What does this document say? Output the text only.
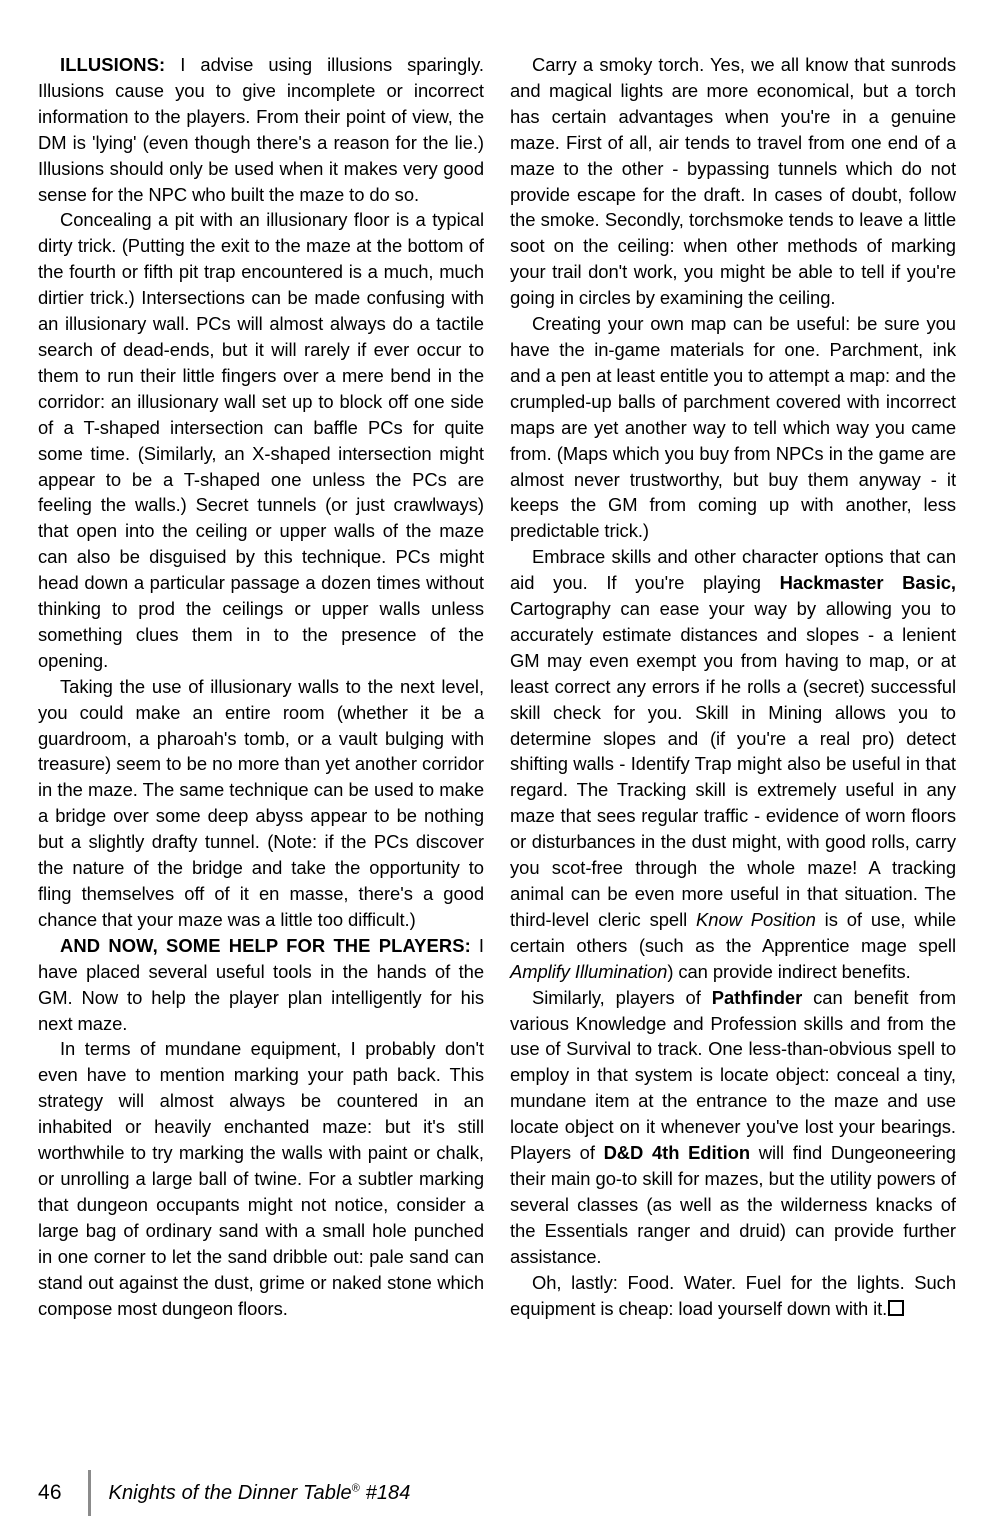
ILLUSIONS: I advise using illusions sparingly. Illusions cause you to give incomplete or incorrect information to the players. From their point of view, the DM is 'lying' (even though there's a reason for the lie.) Illusions should only be used when it makes very good sense for the NPC who built the maze to do so.

Concealing a pit with an illusionary floor is a typical dirty trick. (Putting the exit to the maze at the bottom of the fourth or fifth pit trap encountered is a much, much dirtier trick.) Intersections can be made confusing with an illusionary wall. PCs will almost always do a tactile search of dead-ends, but it will rarely if ever occur to them to run their little fingers over a mere bend in the corridor: an illusionary wall set up to block off one side of a T-shaped intersection can baffle PCs for quite some time. (Similarly, an X-shaped intersection might appear to be a T-shaped one unless the PCs are feeling the walls.) Secret tunnels (or just crawlways) that open into the ceiling or upper walls of the maze can also be disguised by this technique. PCs might head down a particular passage a dozen times without thinking to prod the ceilings or upper walls unless something clues them in to the presence of the opening.

Taking the use of illusionary walls to the next level, you could make an entire room (whether it be a guardroom, a pharoah's tomb, or a vault bulging with treasure) seem to be no more than yet another corridor in the maze. The same technique can be used to make a bridge over some deep abyss appear to be nothing but a slightly drafty tunnel. (Note: if the PCs discover the nature of the bridge and take the opportunity to fling themselves off of it en masse, there's a good chance that your maze was a little too difficult.)

AND NOW, SOME HELP FOR THE PLAYERS: I have placed several useful tools in the hands of the GM. Now to help the player plan intelligently for his next maze.

In terms of mundane equipment, I probably don't even have to mention marking your path back. This strategy will almost always be countered in an inhabited or heavily enchanted maze: but it's still worthwhile to try marking the walls with paint or chalk, or unrolling a large ball of twine. For a subtler marking that dungeon occupants might not notice, consider a large bag of ordinary sand with a small hole punched in one corner to let the sand dribble out: pale sand can stand out against the dust, grime or naked stone which compose most dungeon floors.

Carry a smoky torch. Yes, we all know that sunrods and magical lights are more economical, but a torch has certain advantages when you're in a genuine maze. First of all, air tends to travel from one end of a maze to the other - bypassing tunnels which do not provide escape for the draft. In cases of doubt, follow the smoke. Secondly, torchsmoke tends to leave a little soot on the ceiling: when other methods of marking your trail don't work, you might be able to tell if you're going in circles by examining the ceiling.

Creating your own map can be useful: be sure you have the in-game materials for one. Parchment, ink and a pen at least entitle you to attempt a map: and the crumpled-up balls of parchment covered with incorrect maps are yet another way to tell which way you came from. (Maps which you buy from NPCs in the game are almost never trustworthy, but buy them anyway - it keeps the GM from coming up with another, less predictable trick.)

Embrace skills and other character options that can aid you. If you're playing Hackmaster Basic, Cartography can ease your way by allowing you to accurately estimate distances and slopes - a lenient GM may even exempt you from having to map, or at least correct any errors if he rolls a (secret) successful skill check for you. Skill in Mining allows you to determine slopes and (if you're a real pro) detect shifting walls - Identify Trap might also be useful in that regard. The Tracking skill is extremely useful in any maze that sees regular traffic - evidence of worn floors or disturbances in the dust might, with good rolls, carry you scot-free through the whole maze! A tracking animal can be even more useful in that situation. The third-level cleric spell Know Position is of use, while certain others (such as the Apprentice mage spell Amplify Illumination) can provide indirect benefits.

Similarly, players of Pathfinder can benefit from various Knowledge and Profession skills and from the use of Survival to track. One less-than-obvious spell to employ in that system is locate object: conceal a tiny, mundane item at the entrance to the maze and use locate object on it whenever you've lost your bearings. Players of D&D 4th Edition will find Dungeoneering their main go-to skill for mazes, but the utility powers of several classes (as well as the wilderness knacks of the Essentials ranger and druid) can provide further assistance.

Oh, lastly: Food. Water. Fuel for the lights. Such equipment is cheap: load yourself down with it.

46	Knights of the Dinner Table® #184
